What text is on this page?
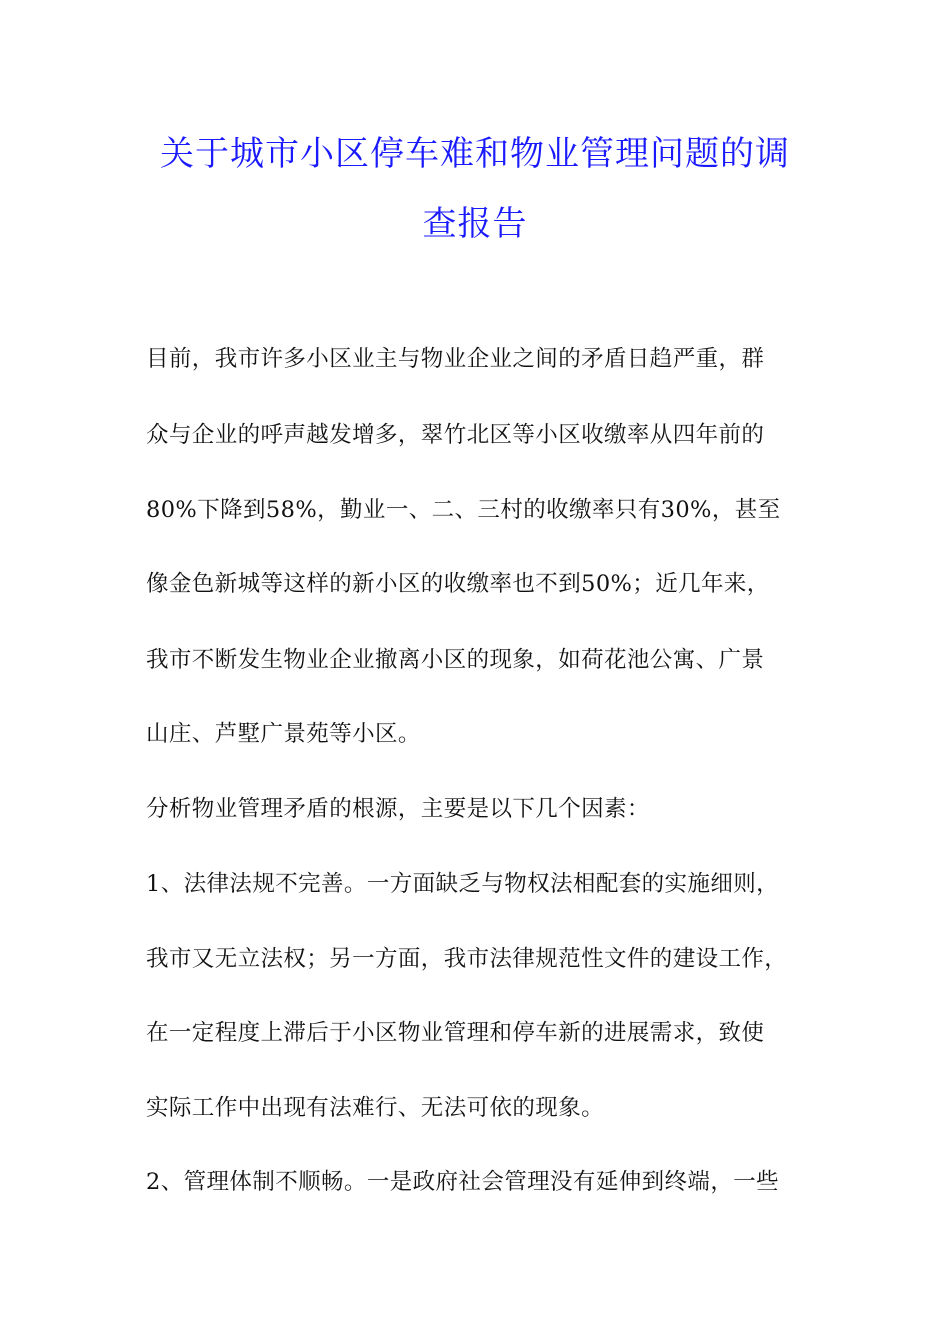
关于城市小区停车难和物业管理问题的调
查报告
目前，我市许多小区业主与物业企业之间的矛盾日趋严重，群
众与企业的呼声越发增多，翠竹北区等小区收缴率从四年前的
80%下降到58%，勤业一、二、三村的收缴率只有30%，甚至
像金色新城等这样的新小区的收缴率也不到50%；近几年来，
我市不断发生物业企业撤离小区的现象，如荷花池公寓、广景
山庄、芦墅广景苑等小区。
分析物业管理矛盾的根源，主要是以下几个因素：
1、法律法规不完善。一方面缺乏与物权法相配套的实施细则，
我市又无立法权；另一方面，我市法律规范性文件的建设工作，
在一定程度上滞后于小区物业管理和停车新的进展需求，致使
实际工作中出现有法难行、无法可依的现象。
2、管理体制不顺畅。一是政府社会管理没有延伸到终端，一些
